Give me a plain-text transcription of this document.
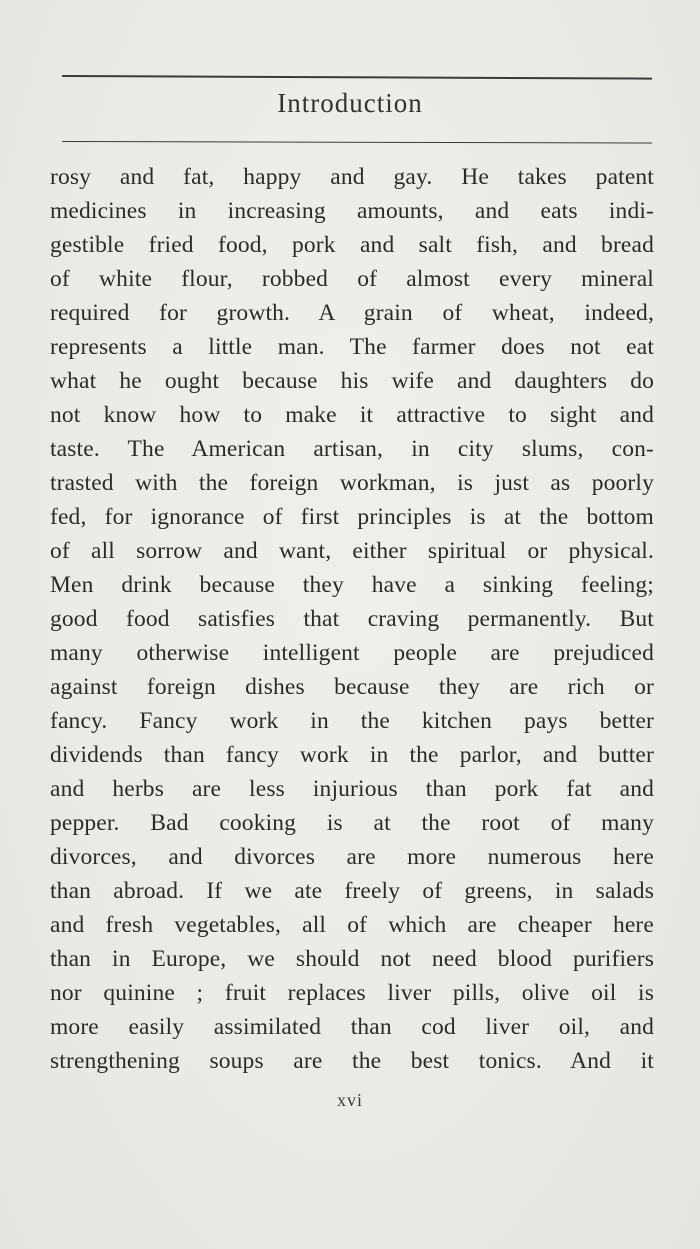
Introduction
rosy and fat, happy and gay. He takes patent
medicines in increasing amounts, and eats indi-
gestible fried food, pork and salt fish, and bread
of white flour, robbed of almost every mineral
required for growth. A grain of wheat, indeed,
represents a little man. The farmer does not eat
what he ought because his wife and daughters do
not know how to make it attractive to sight and
taste. The American artisan, in city slums, con-
trasted with the foreign workman, is just as poorly
fed, for ignorance of first principles is at the bottom
of all sorrow and want, either spiritual or physical.
Men drink because they have a sinking feeling;
good food satisfies that craving permanently. But
many otherwise intelligent people are prejudiced
against foreign dishes because they are rich or
fancy. Fancy work in the kitchen pays better
dividends than fancy work in the parlor, and butter
and herbs are less injurious than pork fat and
pepper. Bad cooking is at the root of many
divorces, and divorces are more numerous here
than abroad. If we ate freely of greens, in salads
and fresh vegetables, all of which are cheaper here
than in Europe, we should not need blood purifiers
nor quinine ; fruit replaces liver pills, olive oil is
more easily assimilated than cod liver oil, and
strengthening soups are the best tonics. And it
xvi
